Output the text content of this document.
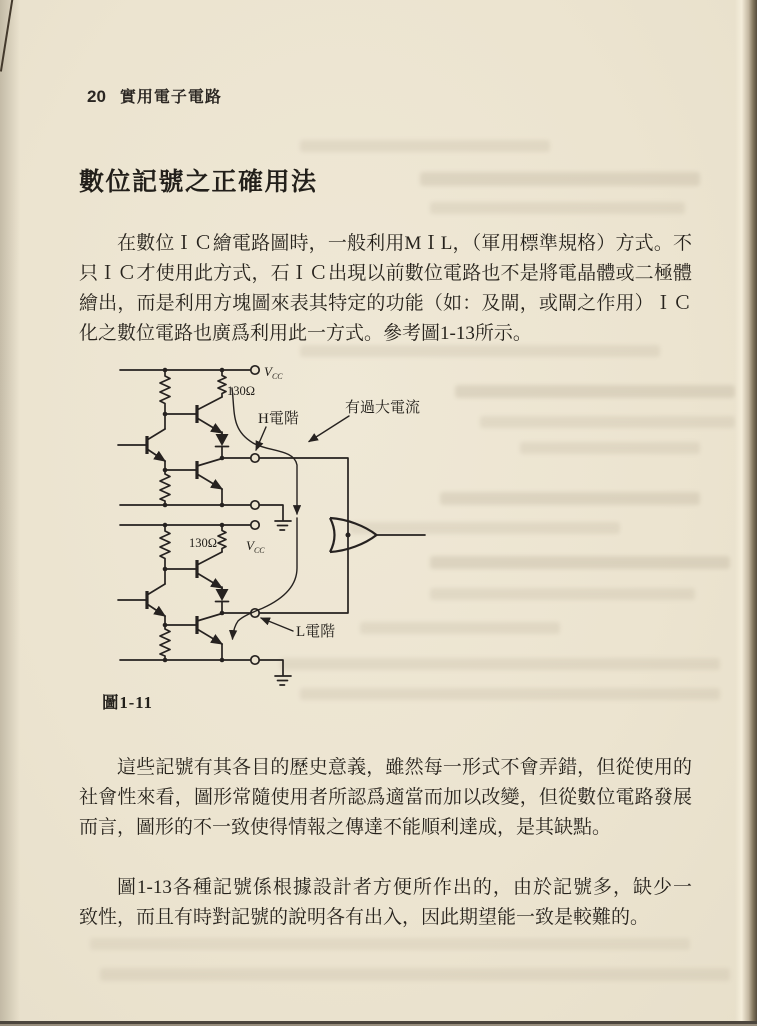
20 實用電子電路
數位記號之正確用法
在數位ＩＣ繪電路圖時，一般利用MＩL，（軍用標準規格）方式。不
只ＩＣ才使用此方式，石ＩＣ出現以前數位電路也不是將電晶體或二極體
繪出，而是利用方塊圖來表其特定的功能（如：及閘，或閘之作用）ＩＣ
化之數位電路也廣爲利用此一方式。參考圖1-13所示。
$V_{CC}$
130Ω
H電階
有過大電流
$V_{CC}$
130Ω
L電階
圖1-11
這些記號有其各目的歷史意義，雖然每一形式不會弄錯，但從使用的
社會性來看，圖形常隨使用者所認爲適當而加以改變，但從數位電路發展
而言，圖形的不一致使得情報之傳達不能順利達成，是其缺點。
圖1-13各種記號係根據設計者方便所作出的，由於記號多，缺少一
致性，而且有時對記號的說明各有出入，因此期望能一致是較難的。
